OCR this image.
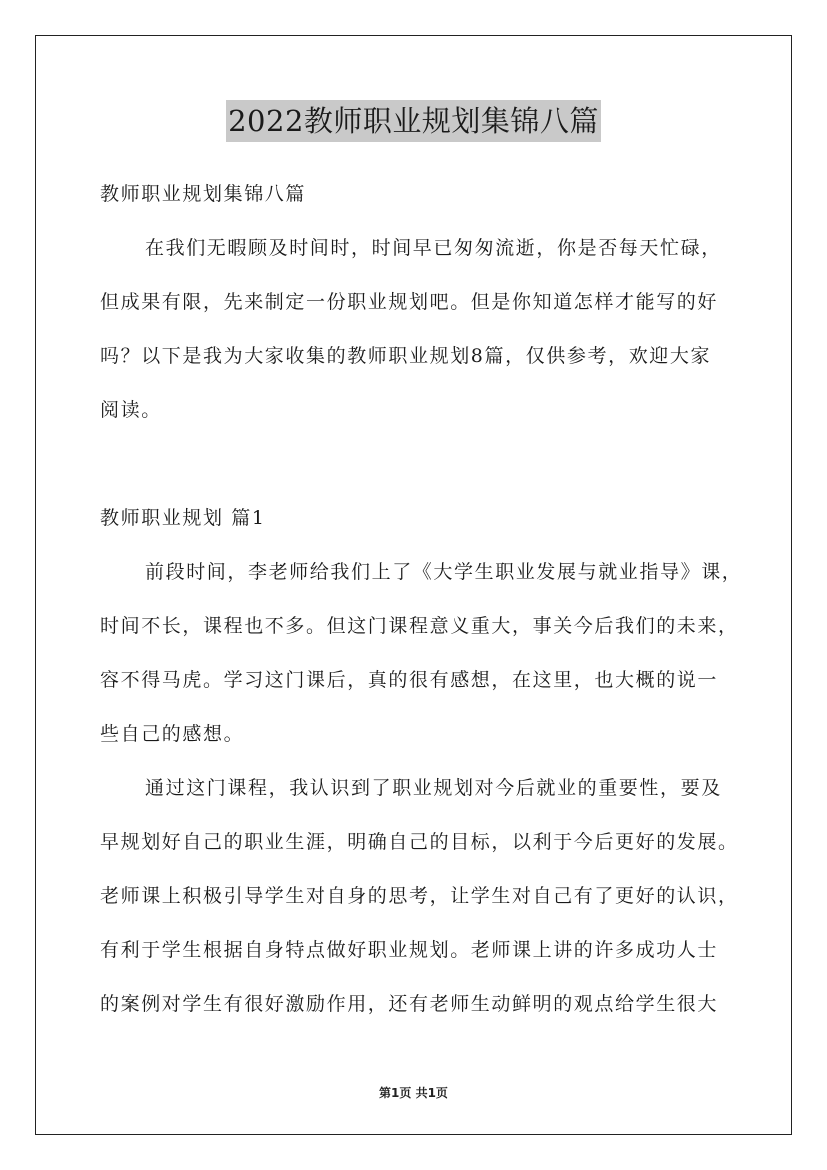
2022教师职业规划集锦八篇
教师职业规划集锦八篇
在我们无暇顾及时间时，时间早已匆匆流逝，你是否每天忙碌，
但成果有限，先来制定一份职业规划吧。但是你知道怎样才能写的好
吗？以下是我为大家收集的教师职业规划8篇，仅供参考，欢迎大家
阅读。
教师职业规划 篇1
前段时间，李老师给我们上了《大学生职业发展与就业指导》课，
时间不长，课程也不多。但这门课程意义重大，事关今后我们的未来，
容不得马虎。学习这门课后，真的很有感想，在这里，也大概的说一
些自己的感想。
通过这门课程，我认识到了职业规划对今后就业的重要性，要及
早规划好自己的职业生涯，明确自己的目标，以利于今后更好的发展。
老师课上积极引导学生对自身的思考，让学生对自己有了更好的认识，
有利于学生根据自身特点做好职业规划。老师课上讲的许多成功人士
的案例对学生有很好激励作用，还有老师生动鲜明的观点给学生很大
第1页 共1页
